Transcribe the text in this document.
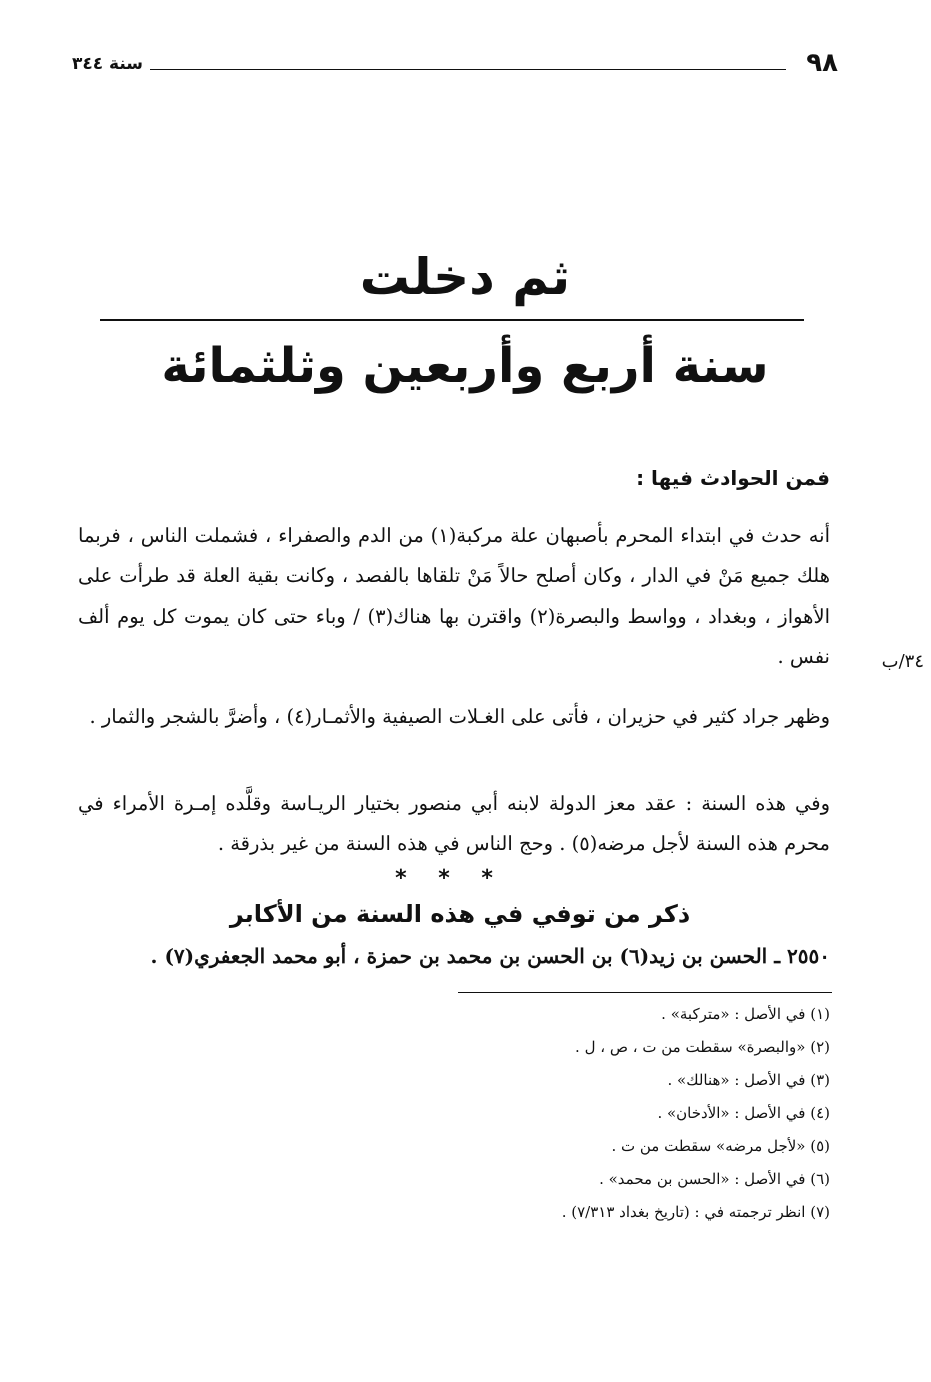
٩٨
سنة ٣٤٤
ثم دخلت
سنة أربع وأربعين وثلثمائة
فمن الحوادث فيها :
أنه حدث في ابتداء المحرم بأصبهان علة مركبة(١) من الدم والصفراء ، فشملت الناس ، فربما هلك جميع مَنْ في الدار ، وكان أصلح حالاً مَنْ تلقاها بالفصد ، وكانت بقية العلة قد طرأت على الأهواز ، وبغداد ، وواسط والبصرة(٢) واقترن بها هناك(٣) / وباء حتى كان يموت كل يوم ألف نفس .	٣٤/ب
وظهر جراد كثير في حزيران ، فأتى على الغـلات الصيفية والأثمـار(٤) ، وأضرَّ بالشجر والثمار .
وفي هذه السنة : عقد معز الدولة لابنه أبي منصور بختيار الريـاسة وقلَّده إمـرة الأمراء في محرم هذه السنة لأجل مرضه(٥) . وحج الناس في هذه السنة من غير بذرقة .
* * *
ذكر من توفي في هذه السنة من الأكابر
٢٥٥٠ ـ الحسن بن زيد(٦) بن الحسن بن محمد بن حمزة ، أبو محمد الجعفري(٧) .
(١) في الأصل : «متركبة» .
(٢) «والبصرة» سقطت من ت ، ص ، ل .
(٣) في الأصل : «هنالك» .
(٤) في الأصل : «الأدخان» .
(٥) «لأجل مرضه» سقطت من ت .
(٦) في الأصل : «الحسن بن محمد» .
(٧) انظر ترجمته في : (تاريخ بغداد ٧/٣١٣) .
